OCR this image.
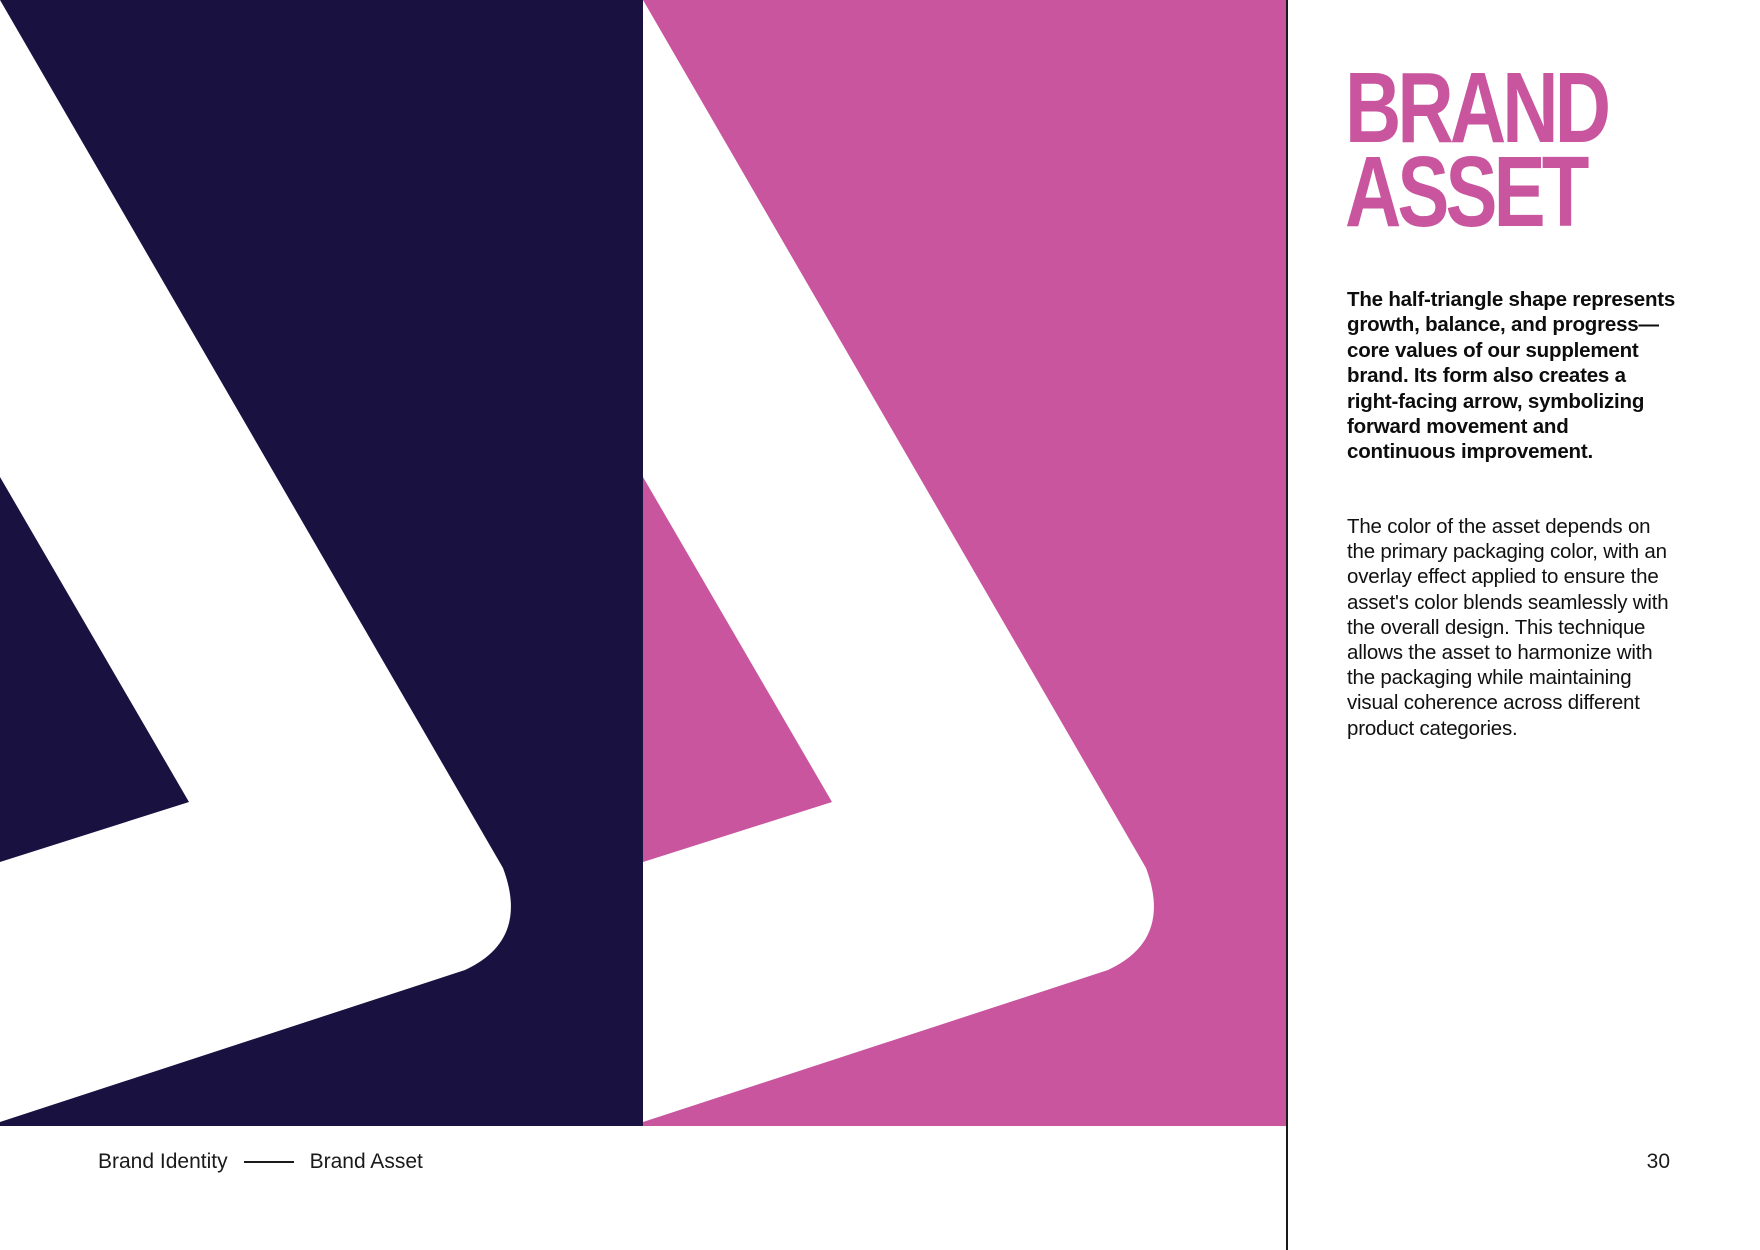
BRAND
ASSET

The half-triangle shape represents growth, balance, and progress—core values of our supplement brand. Its form also creates a right-facing arrow, symbolizing forward movement and continuous improvement.

The color of the asset depends on the primary packaging color, with an overlay effect applied to ensure the asset's color blends seamlessly with the overall design. This technique allows the asset to harmonize with the packaging while maintaining visual coherence across different product categories.

Brand Identity	Brand Asset	30
